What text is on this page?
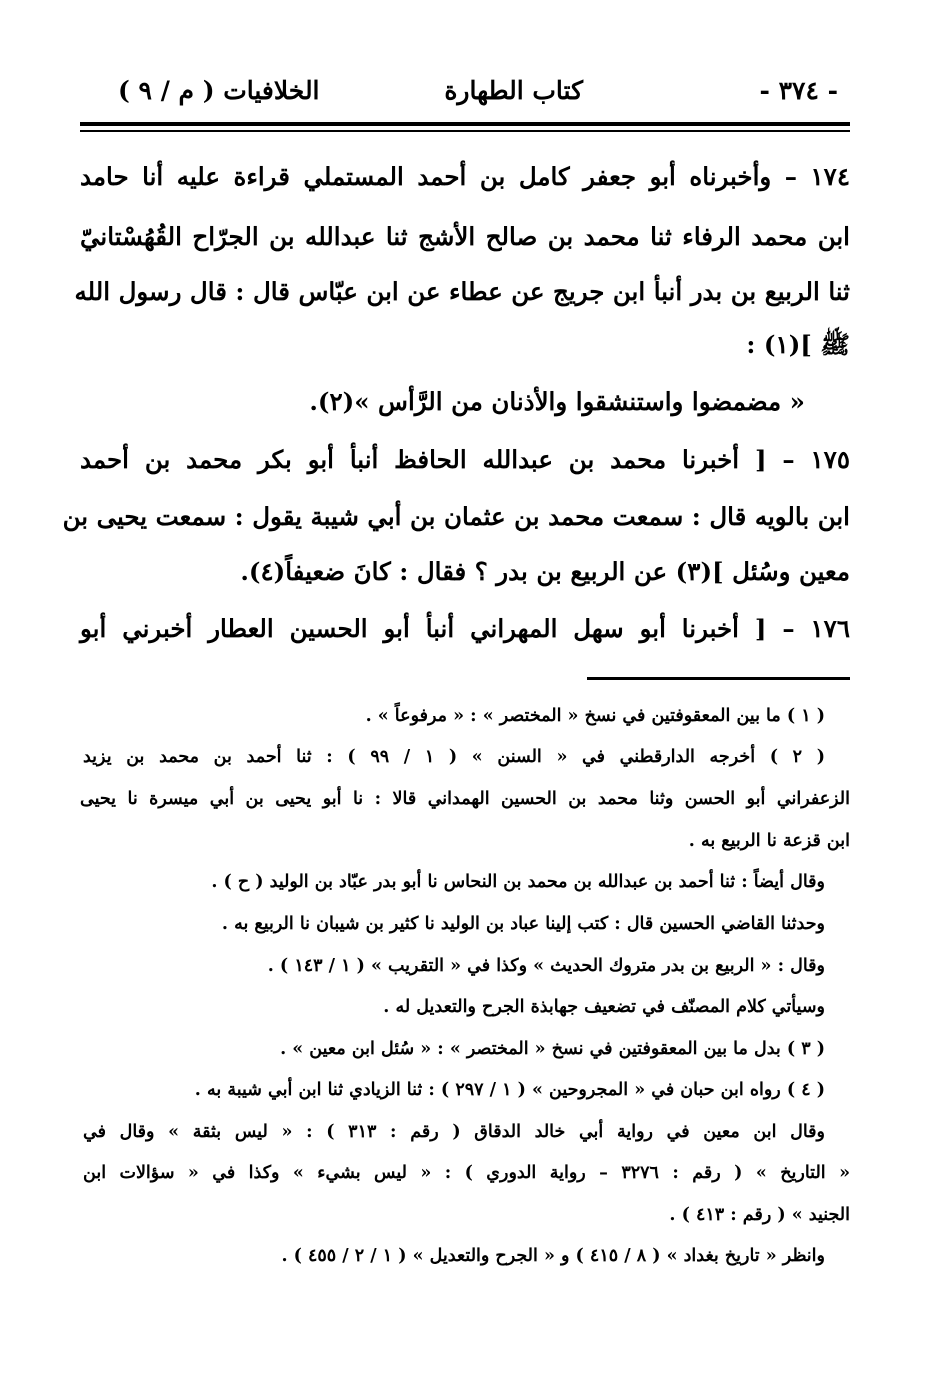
- ٣٧٤ -
كتاب الطهارة
الخلافيات ( م / ٩ )
١٧٤ – وأخبرناه أبو جعفر كامل بن أحمد المستملي قراءة عليه أنا حامد
ابن محمد الرفاء ثنا محمد بن صالح الأشج ثنا عبدالله بن الجرّاح القُهُسْتانيّ
ثنا الربيع بن بدر أنبأ ابن جريج عن عطاء عن ابن عبّاس قال : قال رسول الله
ﷺ ](١) :
« مضمضوا واستنشقوا والأذنان من الرَّأس »(٢).
١٧٥ – [ أخبرنا محمد بن عبدالله الحافظ أنبأ أبو بكر محمد بن أحمد
ابن بالويه قال : سمعت محمد بن عثمان بن أبي شيبة يقول : سمعت يحيى بن
معين وسُئل ](٣) عن الربيع بن بدر ؟ فقال : كانَ ضعيفاً(٤).
١٧٦ – [ أخبرنا أبو سهل المهراني أنبأ أبو الحسين العطار أخبرني أبو
( ١ ) ما بين المعقوفتين في نسخ « المختصر » : « مرفوعاً » .
( ٢ ) أخرجه الدارقطني في « السنن » ( ١ / ٩٩ ) : ثنا أحمد بن محمد بن يزيد
الزعفراني أبو الحسن وثنا محمد بن الحسين الهمداني قالا : نا أبو يحيى بن أبي ميسرة نا يحيى
ابن قزعة نا الربيع به .
وقال أيضاً : ثنا أحمد بن عبدالله بن محمد بن النحاس نا أبو بدر عبّاد بن الوليد ( ح ) .
وحدثنا القاضي الحسين قال : كتب إلينا عباد بن الوليد نا كثير بن شيبان نا الربيع به .
وقال : « الربيع بن بدر متروك الحديث » وكذا في « التقريب » ( ١ / ١٤٣ ) .
وسيأتي كلام المصنّف في تضعيف جهابذة الجرح والتعديل له .
( ٣ ) بدل ما بين المعقوفتين في نسخ « المختصر » : « سُئل ابن معين » .
( ٤ ) رواه ابن حبان في « المجروحين » ( ١ / ٢٩٧ ) : ثنا الزيادي ثنا ابن أبي شيبة به .
وقال ابن معين في رواية أبي خالد الدقاق ( رقم : ٣١٣ ) : « ليس بثقة » وقال في
« التاريخ » ( رقم : ٣٢٧٦ – رواية الدوري ) : « ليس بشيء » وكذا في « سؤالات ابن
الجنيد » ( رقم : ٤١٣ ) .
وانظر « تاريخ بغداد » ( ٨ / ٤١٥ ) و « الجرح والتعديل » ( ١ / ٢ / ٤٥٥ ) .
